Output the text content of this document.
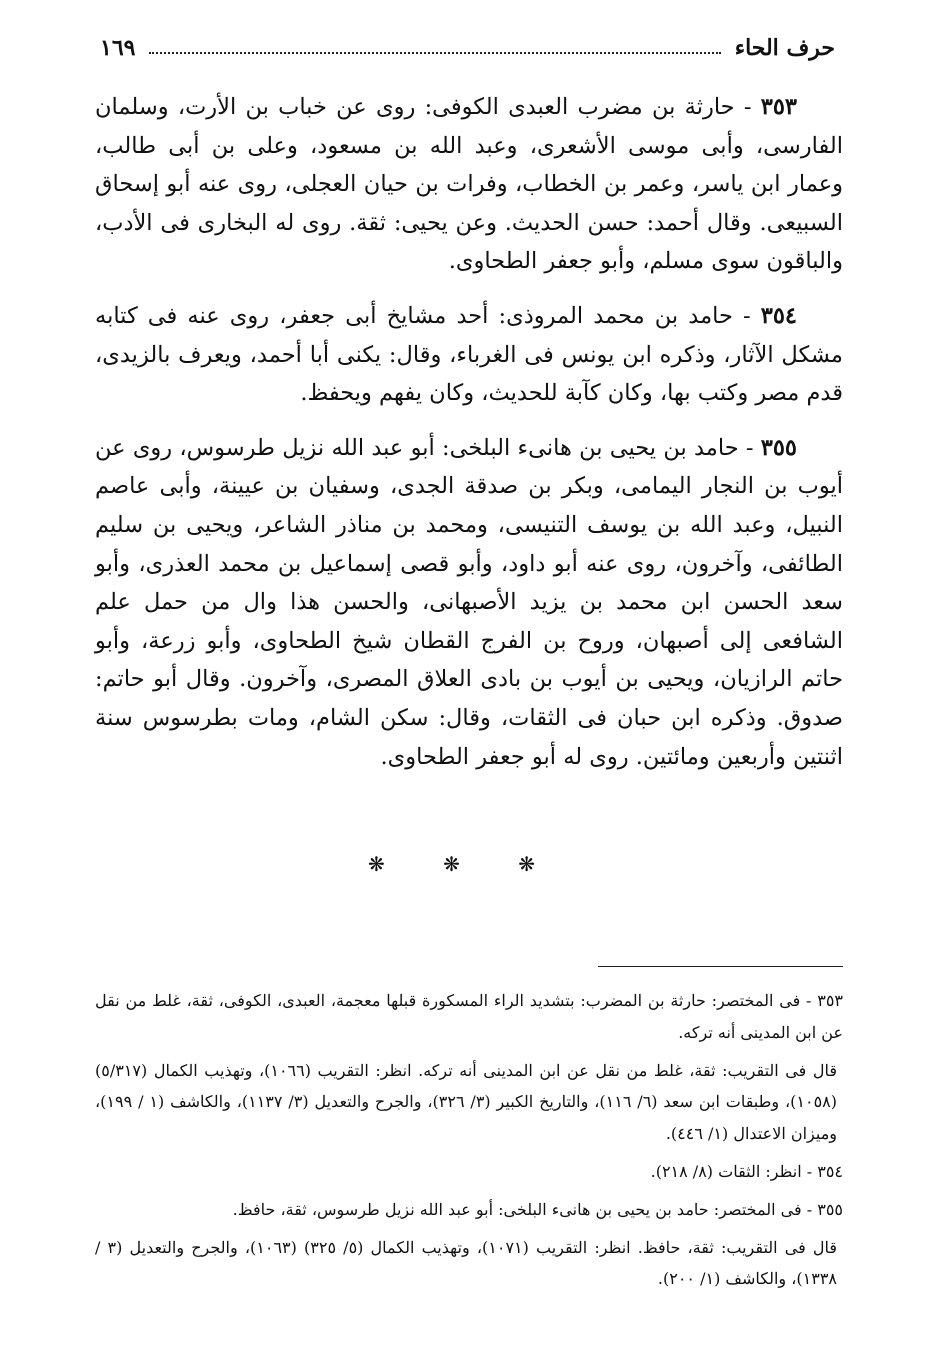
حرف الحاء
١٦٩

٣٥٣ - حارثة بن مضرب العبدى الكوفى: روى عن خباب بن الأرت، وسلمان الفارسى، وأبى موسى الأشعرى، وعبد الله بن مسعود، وعلى بن أبى طالب، وعمار ابن ياسر، وعمر بن الخطاب، وفرات بن حيان العجلى، روى عنه أبو إسحاق السبيعى. وقال أحمد: حسن الحديث. وعن يحيى: ثقة. روى له البخارى فى الأدب، والباقون سوى مسلم، وأبو جعفر الطحاوى.

٣٥٤ - حامد بن محمد المروذى: أحد مشايخ أبى جعفر، روى عنه فى كتابه مشكل الآثار، وذكره ابن يونس فى الغرباء، وقال: يكنى أبا أحمد، ويعرف بالزيدى، قدم مصر وكتب بها، وكان كآبة للحديث، وكان يفهم ويحفظ.

٣٥٥ - حامد بن يحيى بن هانىء البلخى: أبو عبد الله نزيل طرسوس، روى عن أيوب بن النجار اليمامى، وبكر بن صدقة الجدى، وسفيان بن عيينة، وأبى عاصم النبيل، وعبد الله بن يوسف التنيسى، ومحمد بن مناذر الشاعر، ويحيى بن سليم الطائفى، وآخرون، روى عنه أبو داود، وأبو قصى إسماعيل بن محمد العذرى، وأبو سعد الحسن ابن محمد بن يزيد الأصبهانى، والحسن هذا وال من حمل علم الشافعى إلى أصبهان، وروح بن الفرج القطان شيخ الطحاوى، وأبو زرعة، وأبو حاتم الرازيان، ويحيى بن أيوب بن بادى العلاق المصرى، وآخرون. وقال أبو حاتم: صدوق. وذكره ابن حبان فى الثقات، وقال: سكن الشام، ومات بطرسوس سنة اثنتين وأربعين ومائتين. روى له أبو جعفر الطحاوى.

❋ ❋ ❋

٣٥٣ - فى المختصر: حارثة بن المضرب: بتشديد الراء المسكورة قبلها معجمة، العبدى، الكوفى، ثقة، غلط من نقل عن ابن المدينى أنه تركه.

قال فى التقريب: ثقة، غلط من نقل عن ابن المدينى أنه تركه. انظر: التقريب (١٠٦٦)، وتهذيب الكمال (٥/٣١٧) (١٠٥٨)، وطبقات ابن سعد (٦/ ١١٦)، والتاريخ الكبير (٣/ ٣٢٦)، والجرح والتعديل (٣/ ١١٣٧)، والكاشف (١ / ١٩٩)، وميزان الاعتدال (١/ ٤٤٦).

٣٥٤ - انظر: الثقات (٨/ ٢١٨).

٣٥٥ - فى المختصر: حامد بن يحيى بن هانىء البلخى: أبو عبد الله نزيل طرسوس، ثقة، حافظ.

قال فى التقريب: ثقة، حافظ. انظر: التقريب (١٠٧١)، وتهذيب الكمال (٥/ ٣٢٥) (١٠٦٣)، والجرح والتعديل (٣ / ١٣٣٨)، والكاشف (١/ ٢٠٠).
